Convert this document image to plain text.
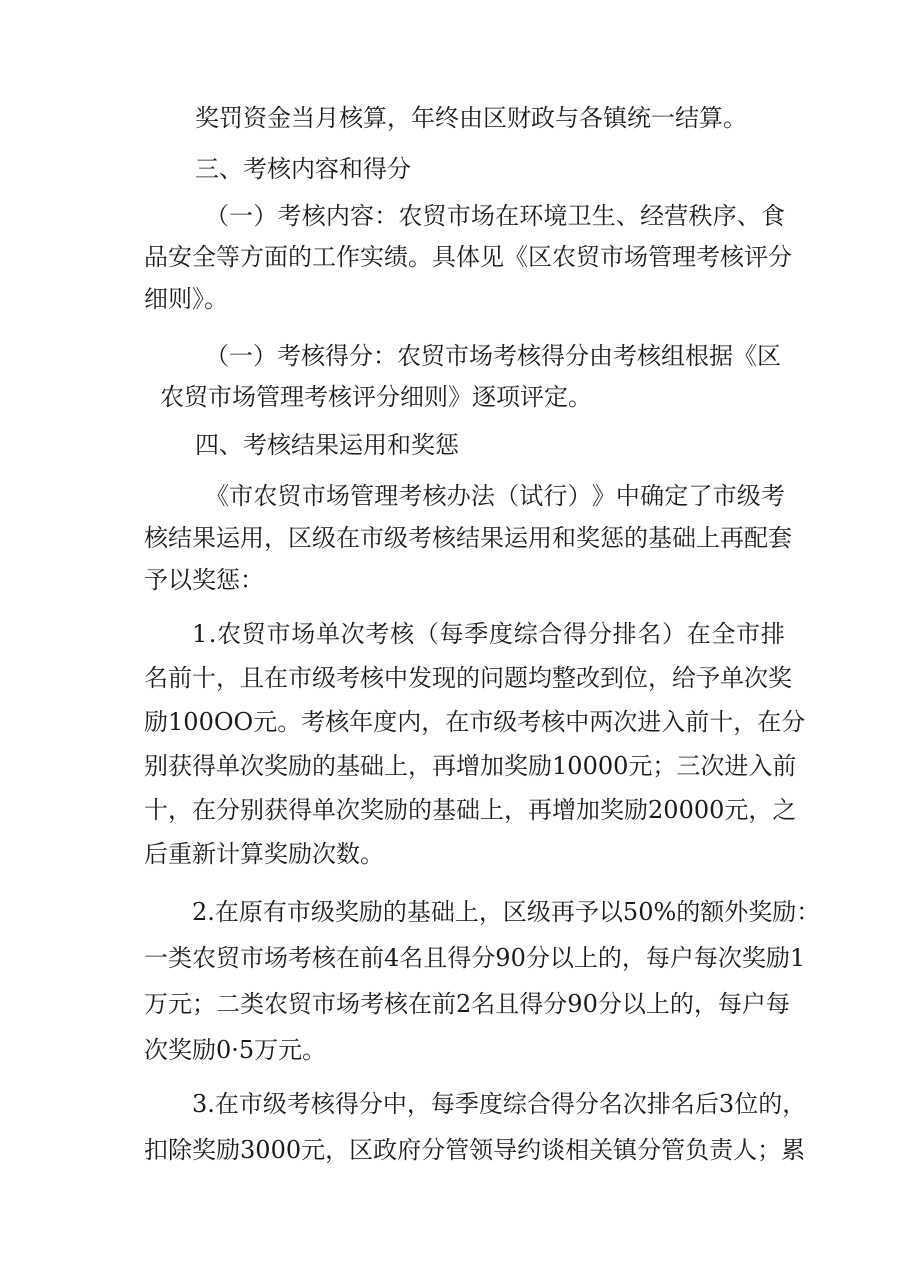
奖罚资金当月核算，年终由区财政与各镇统一结算。
三、考核内容和得分
（ 一 ） 考 核 内 容 ： 农 贸 市 场 在 环 境 卫 生 、 经 营 秩 序 、 食
品安全等方面的工作实绩。具体见《区农贸市场管理考核评分
细则》。
（一）考核得分：农贸市场考核得分由考核组根据《区
农贸市场管理考核评分细则》逐项评定。
四、考核结果运用和奖惩
《 市 农 贸 市 场 管 理 考 核 办 法 （ 试 行 ） 》 中 确 定 了 市 级 考
核 结 果 运 用 ， 区 级 在 市 级 考 核 结 果 运 用 和 奖 惩 的 基 础 上 再 配 套
予以奖惩：
1 . 农 贸 市 场 单 次 考 核 （ 每 季 度 综 合 得 分 排 名 ） 在 全 市 排
名 前 十 ， 且 在 市 级 考 核 中 发 现 的 问 题 均 整 改 到 位 ， 给 予 单 次 奖
励 1 0 0 O O 元 。 考 核 年 度 内 ， 在 市 级 考 核 中 两 次 进 入 前 十 ， 在 分
别 获 得 单 次 奖 励 的 基 础 上 ， 再 增 加 奖 励 1 0 0 0 0 元 ； 三 次 进 入 前
十 ， 在 分 别 获 得 单 次 奖 励 的 基 础 上 ， 再 增 加 奖 励 2 0 0 0 0 元 ， 之
后重新计算奖励次数。
2 . 在 原 有 市 级 奖 励 的 基 础 上 ， 区 级 再 予 以 5 0 % 的 额 外 奖 励 ：
一 类 农 贸 市 场 考 核 在 前 4 名 且 得 分 9 0 分 以 上 的 ， 每 户 每 次 奖 励 1
万 元 ； 二 类 农 贸 市 场 考 核 在 前 2 名 且 得 分 9 0 分 以 上 的 ， 每 户 每
次奖励0·5万元。
3 . 在 市 级 考 核 得 分 中 ， 每 季 度 综 合 得 分 名 次 排 名 后 3 位 的 ，
扣 除 奖 励 3 0 0 0 元 ， 区 政 府 分 管 领 导 约 谈 相 关 镇 分 管 负 责 人 ； 累
